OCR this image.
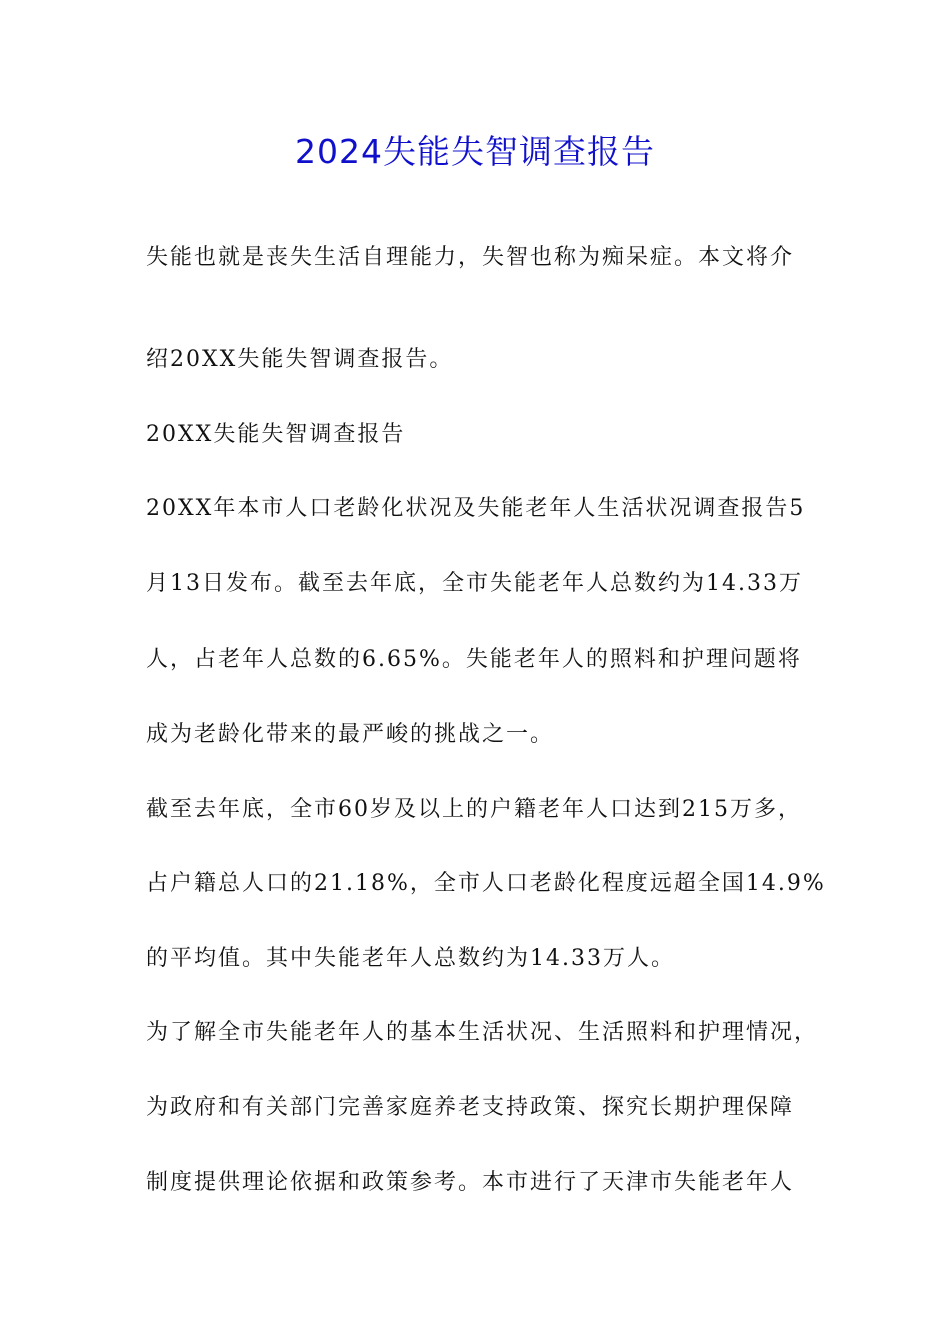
2024失能失智调查报告
失能也就是丧失生活自理能力，失智也称为痴呆症。本文将介
绍20XX失能失智调查报告。
20XX失能失智调查报告
20XX年本市人口老龄化状况及失能老年人生活状况调查报告5
月13日发布。截至去年底，全市失能老年人总数约为14.33万
人，占老年人总数的6.65%。失能老年人的照料和护理问题将
成为老龄化带来的最严峻的挑战之一。
截至去年底，全市60岁及以上的户籍老年人口达到215万多，
占户籍总人口的21.18%，全市人口老龄化程度远超全国14.9%
的平均值。其中失能老年人总数约为14.33万人。
为了解全市失能老年人的基本生活状况、生活照料和护理情况，
为政府和有关部门完善家庭养老支持政策、探究长期护理保障
制度提供理论依据和政策参考。本市进行了天津市失能老年人
